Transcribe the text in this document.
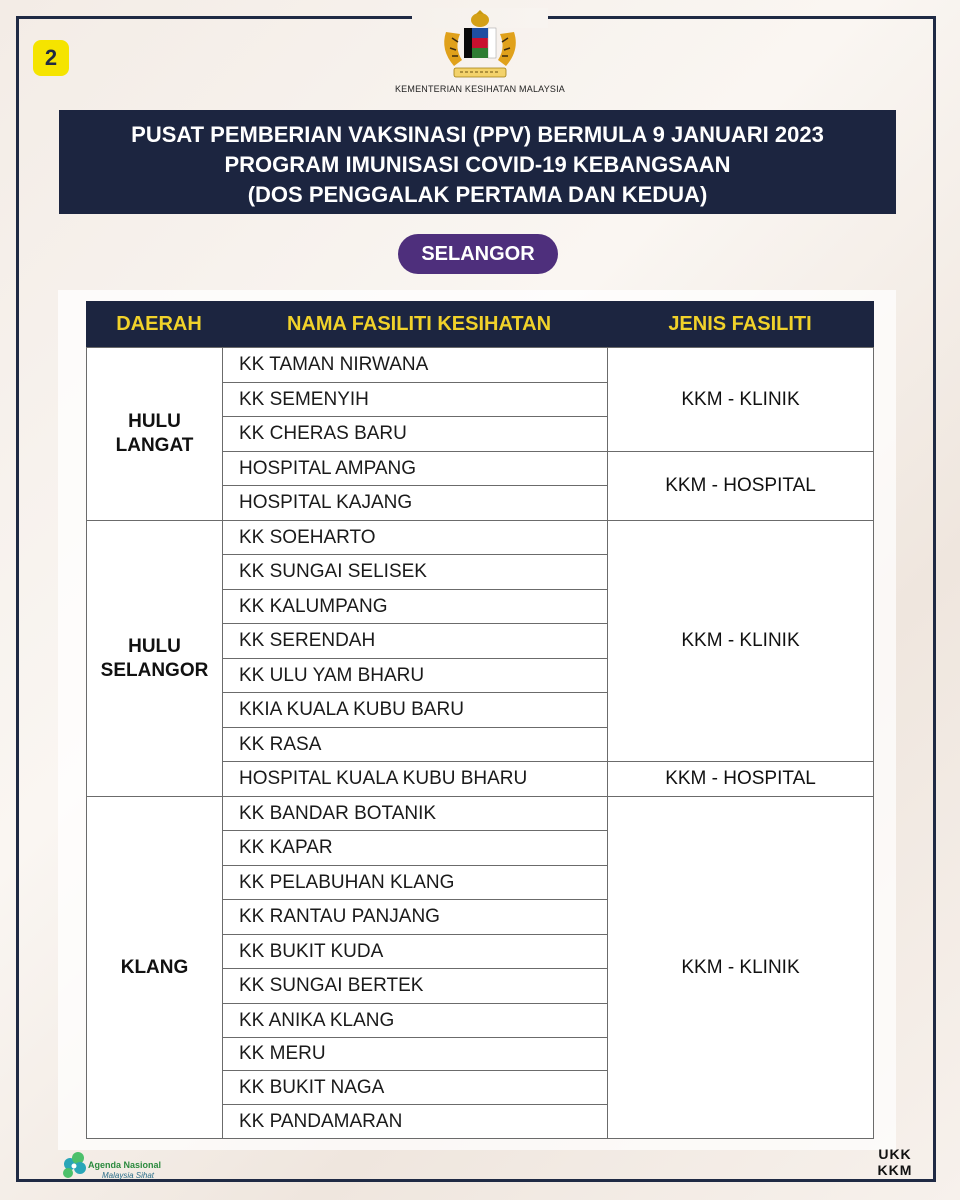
2
KEMENTERIAN KESIHATAN MALAYSIA
PUSAT PEMBERIAN VAKSINASI (PPV) BERMULA 9 JANUARI 2023
PROGRAM IMUNISASI COVID-19 KEBANGSAAN
(DOS PENGGALAK PERTAMA DAN KEDUA)
SELANGOR
DAERAH	NAMA FASILITI KESIHATAN	JENIS FASILITI
HULU
LANGAT
HULU
SELANGOR
KLANG
KK TAMAN NIRWANA
KK SEMENYIH
KK CHERAS BARU
HOSPITAL AMPANG
HOSPITAL KAJANG
KK SOEHARTO
KK SUNGAI SELISEK
KK KALUMPANG
KK SERENDAH
KK ULU YAM BHARU
KKIA KUALA KUBU BARU
KK RASA
HOSPITAL KUALA KUBU BHARU
KK BANDAR BOTANIK
KK KAPAR
KK PELABUHAN KLANG
KK RANTAU PANJANG
KK BUKIT KUDA
KK SUNGAI BERTEK
KK ANIKA KLANG
KK MERU
KK BUKIT NAGA
KK PANDAMARAN
KKM - KLINIK
KKM - HOSPITAL
KKM - KLINIK
KKM - HOSPITAL
KKM - KLINIK
Agenda Nasional
Malaysia Sihat
UKK
KKM
